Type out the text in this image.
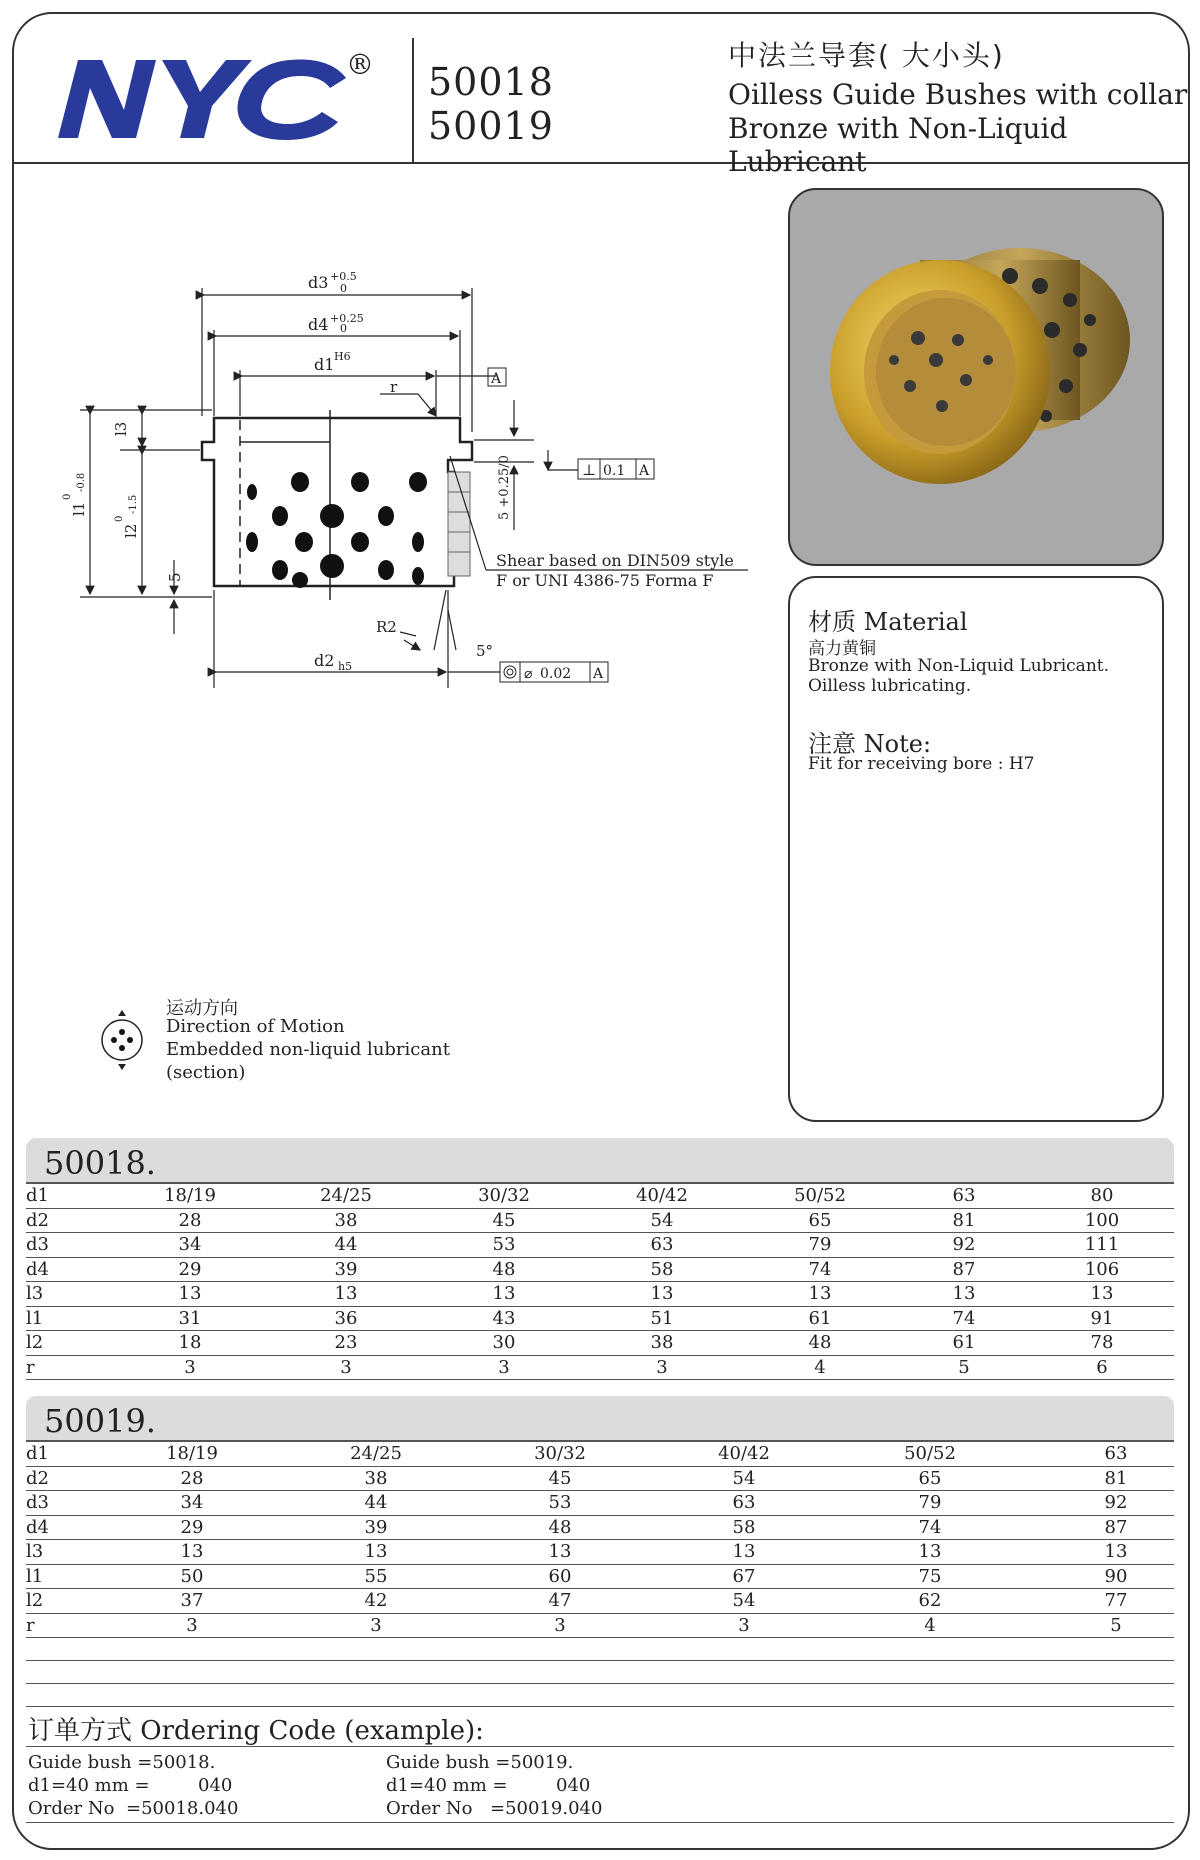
® 50018
50019
中法兰导套( 大小头)
Oilless Guide Bushes with collar
Bronze with Non-Liquid Lubricant
d3 +0.5
0
d4 +0.25
0
d1 H6
A
r
l3
l1
0
-0.8
l2
0
-1.5
5
5 +0.25/0	⊥ 0.1 A
Shear based on DIN509 style
F or UNI 4386-75 Forma F
R2
5°
d2 h5	⌀ 0.02 A
材质 Material
高力黄铜
Bronze with Non-Liquid Lubricant.
Oilless lubricating.
注意 Note:
Fit for receiving bore : H7
运动方向
Direction of Motion
Embedded non-liquid lubricant
(section)
50018.
d1	18/19	24/25	30/32	40/42	50/52	63	80
d2	28	38	45	54	65	81	100
d3	34	44	53	63	79	92	111
d4	29	39	48	58	74	87	106
l3	13	13	13	13	13	13	13
l1	31	36	43	51	61	74	91
l2	18	23	30	38	48	61	78
r	3	3	3	3	4	5	6
50019.
d1	18/19	24/25	30/32	40/42	50/52	63
d2	28	38	45	54	65	81
d3	34	44	53	63	79	92
d4	29	39	48	58	74	87
l3	13	13	13	13	13	13
l1	50	55	60	67	75	90
l2	37	42	47	54	62	77
r	3	3	3	3	4	5
订单方式 Ordering Code (example):
Guide bush =50018.
d1=40 mm =	040
Order No =50018.040
Guide bush =50019.
d1=40 mm =	040
Order No =50019.040
